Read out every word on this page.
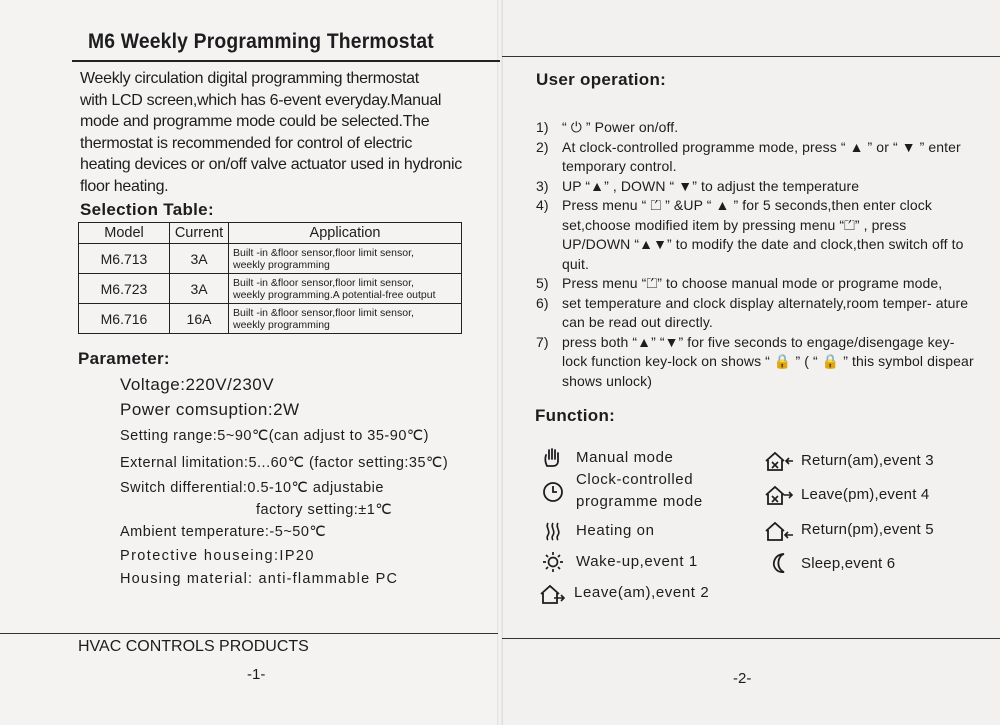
M6 Weekly Programming Thermostat
Weekly circulation digital programming thermostat
with LCD screen,which has 6-event everyday.Manual
mode and programme mode could be selected.The
thermostat is recommended for control of electric
heating devices or on/off valve actuator used in hydronic
floor heating.
Selection Table:
Model	Current	Application
M6.713	3A	Built -in &floor sensor,floor limit sensor,
weekly programming

M6.723	3A	Built -in &floor sensor,floor limit sensor,
weekly programming.A potential-free output

M6.716	16A	Built -in &floor sensor,floor limit sensor,
weekly programming
Parameter:
Voltage:220V/230V
Power comsuption:2W
Setting range:5~90℃(can adjust to 35-90℃)
External limitation:5...60℃ (factor setting:35℃)
Switch differential:0.5-10℃ adjustabie
factory setting:±1℃
Ambient temperature:-5~50℃
Protective houseing:IP20
Housing material: anti-flammable PC
HVAC CONTROLS PRODUCTS
-1-
User operation:
1) “ ⏻ ” Power on/off.
2) At clock-controlled programme mode, press “ ▲ ” or “ ▼ ” enter temporary control.
3) UP “▲” , DOWN “ ▼” to adjust the temperature
4) Press menu “ ⏍ ” &UP “ ▲ ” for 5 seconds,then enter clock set,choose modified item by pressing menu “⏍” , press UP/DOWN “▲▼” to modify the date and clock,then switch off to quit.
5) Press menu “⏍” to choose manual mode or programe mode,
6) set temperature and clock display alternately,room temper- ature can be read out directly.
7) press both “▲” “▼” for five seconds to engage/disengage key-lock function key-lock on shows “ 🔒 ” ( “ 🔒 ” this symbol dispear shows unlock)
Function:
Manual mode
Clock-controlled
programme mode
Heating on
Wake-up,event 1
Leave(am),event 2
Return(am),event 3
Leave(pm),event 4
Return(pm),event 5
Sleep,event 6
-2-
